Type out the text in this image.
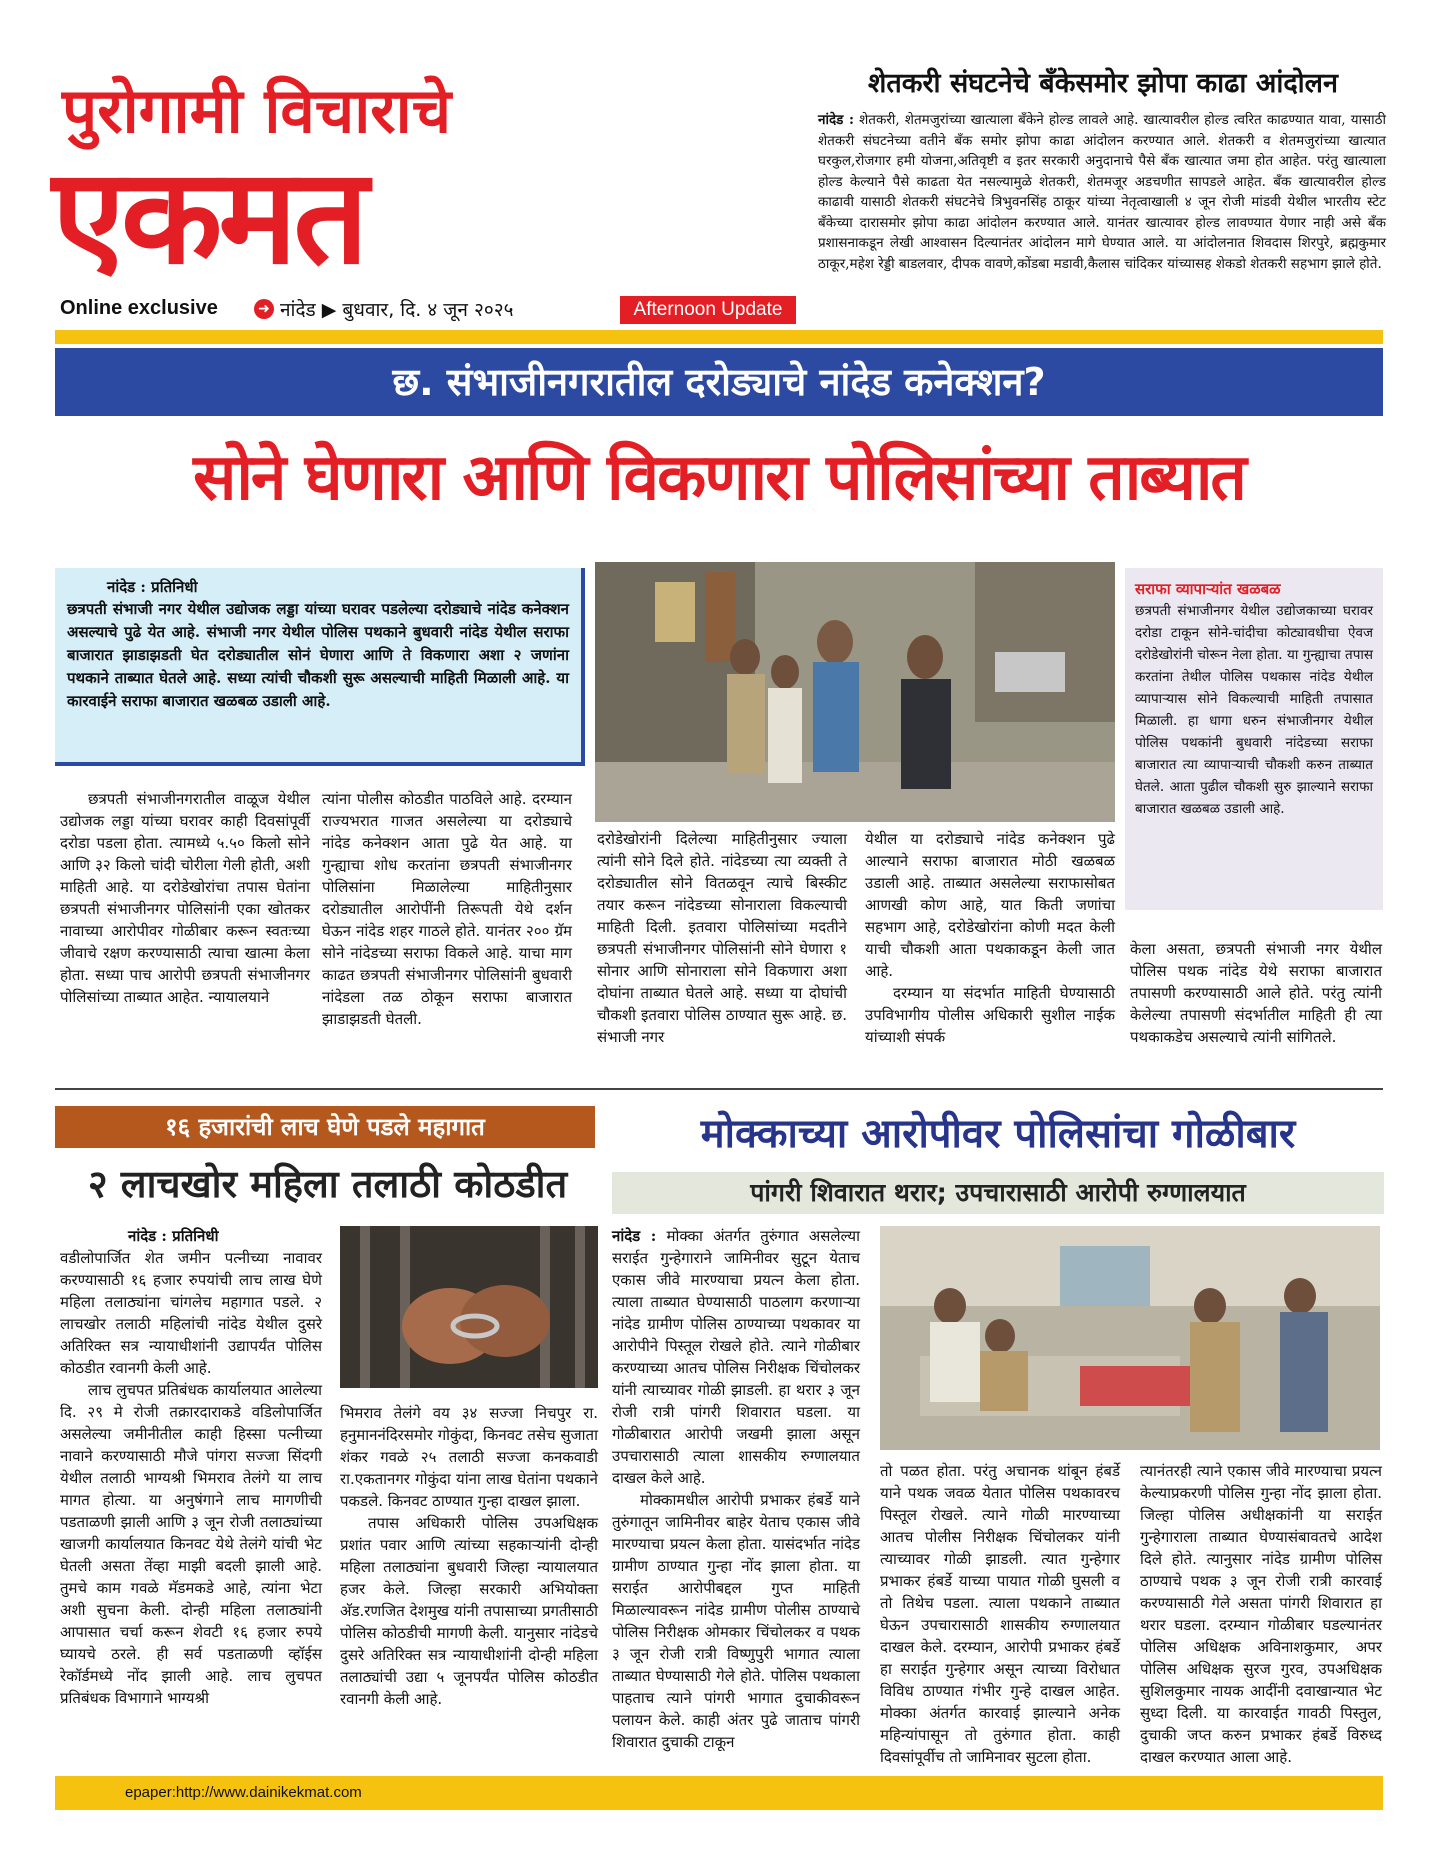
पुरोगामी विचाराचे
एकमत
Online exclusive	➜ नांदेड ▶ बुधवार, दि. ४ जून २०२५	Afternoon Update
शेतकरी संघटनेचे बँकेसमोर झोपा काढा आंदोलन

नांदेड : शेतकरी, शेतमजुरांच्या खात्याला बँकेने होल्ड लावले आहे. खात्यावरील होल्ड त्वरित काढण्यात यावा, यासाठी शेतकरी संघटनेच्या वतीने बँक समोर झोपा काढा आंदोलन करण्यात आले. शेतकरी व शेतमजुरांच्या खात्यात घरकुल,रोजगार हमी योजना,अतिवृष्टी व इतर सरकारी अनुदानाचे पैसे बँक खात्यात जमा होत आहेत. परंतु खात्याला होल्ड केल्याने पैसे काढता येत नसल्यामुळे शेतकरी, शेतमजूर अडचणीत सापडले आहेत. बँक खात्यावरील होल्ड काढावी यासाठी शेतकरी संघटनेचे त्रिभुवनसिंह ठाकूर यांच्या नेतृत्वाखाली ४ जून रोजी मांडवी येथील भारतीय स्टेट बँकेच्या दारासमोर झोपा काढा आंदोलन करण्यात आले. यानंतर खात्यावर होल्ड लावण्यात येणार नाही असे बँक प्रशासनाकडून लेखी आश्वासन दिल्यानंतर आंदोलन मागे घेण्यात आले. या आंदोलनात शिवदास शिरपुरे, ब्रह्मकुमार ठाकूर,महेश रेड्डी बाडलवार, दीपक वावणे,कोंडबा मडावी,कैलास चांदिकर यांच्यासह शेकडो शेतकरी सहभाग झाले होते.

छ. संभाजीनगरातील दरोड्याचे नांदेड कनेक्शन?
सोने घेणारा आणि विकणारा पोलिसांच्या ताब्यात
नांदेड : प्रतिनिधी
छत्रपती संभाजी नगर येथील उद्योजक लड्डा यांच्या घरावर पडलेल्या दरोड्याचे नांदेड कनेक्शन असल्याचे पुढे येत आहे. संभाजी नगर येथील पोलिस पथकाने बुधवारी नांदेड येथील सराफा बाजारात झाडाझडती घेत दरोड्यातील सोनं घेणारा आणि ते विकणारा अशा २ जणांना पथकाने ताब्यात घेतले आहे. सध्या त्यांची चौकशी सुरू असल्याची माहिती मिळाली आहे. या कारवाईने सराफा बाजारात खळबळ उडाली आहे.
सराफा व्यापाऱ्यांत खळबळ
छत्रपती संभाजीनगर येथील उद्योजकाच्या घरावर दरोडा टाकून सोने-चांदीचा कोट्यावधीचा ऐवज दरोडेखोरांनी चोरून नेला होता. या गुन्ह्याचा तपास करतांना तेथील पोलिस पथकास नांदेड येथील व्यापाऱ्यास सोने विकल्याची माहिती तपासात मिळाली. हा धागा धरुन संभाजीनगर येथील पोलिस पथकांनी बुधवारी नांदेडच्या सराफा बाजारात त्या व्यापाऱ्याची चौकशी करुन ताब्यात घेतले. आता पुढील चौकशी सुरु झाल्याने सराफा बाजारात खळबळ उडाली आहे.

छत्रपती संभाजीनगरातील वाळूज येथील उद्योजक लड्डा यांच्या घरावर काही दिवसांपूर्वी दरोडा पडला होता. त्यामध्ये ५.५० किलो सोने आणि ३२ किलो चांदी चोरीला गेली होती, अशी माहिती आहे. या दरोडेखोरांचा तपास घेतांना छत्रपती संभाजीनगर पोलिसांनी एका खोतकर नावाच्या आरोपीवर गोळीबार करून स्वतःच्या जीवाचे रक्षण करण्यासाठी त्याचा खात्मा केला होता. सध्या पाच आरोपी छत्रपती संभाजीनगर पोलिसांच्या ताब्यात आहेत. न्यायालयाने

त्यांना पोलीस कोठडीत पाठविले आहे. दरम्यान राज्यभरात गाजत असलेल्या या दरोड्याचे नांदेड कनेक्शन आता पुढे येत आहे. या गुन्ह्याचा शोध करतांना छत्रपती संभाजीनगर पोलिसांना मिळालेल्या माहितीनुसार दरोड्यातील आरोपींनी तिरूपती येथे दर्शन घेऊन नांदेड शहर गाठले होते. यानंतर २०० ग्रॅम सोने नांदेडच्या सराफा विकले आहे. याचा माग काढत छत्रपती संभाजीनगर पोलिसांनी बुधवारी नांदेडला तळ ठोकून सराफा बाजारात झाडाझडती घेतली.

दरोडेखोरांनी दिलेल्या माहितीनुसार ज्याला त्यांनी सोने दिले होते. नांदेडच्या त्या व्यक्ती ते दरोड्यातील सोने वितळवून त्याचे बिस्कीट तयार करून नांदेडच्या सोनाराला विकल्याची माहिती दिली. इतवारा पोलिसांच्या मदतीने छत्रपती संभाजीनगर पोलिसांनी सोने घेणारा १ सोनार आणि सोनाराला सोने विकणारा अशा दोघांना ताब्यात घेतले आहे. सध्या या दोघांची चौकशी इतवारा पोलिस ठाण्यात सुरू आहे. छ. संभाजी नगर

येथील या दरोड्याचे नांदेड कनेक्शन पुढे आल्याने सराफा बाजारात मोठी खळबळ उडाली आहे. ताब्यात असलेल्या सराफासोबत आणखी कोण आहे, यात किती जणांचा सहभाग आहे, दरोडेखोरांना कोणी मदत केली याची चौकशी आता पथकाकडून केली जात आहे.

दरम्यान या संदर्भात माहिती घेण्यासाठी उपविभागीय पोलीस अधिकारी सुशील नाईक यांच्याशी संपर्क

केला असता, छत्रपती संभाजी नगर येथील पोलिस पथक नांदेड येथे सराफा बाजारात तपासणी करण्यासाठी आले होते. परंतु त्यांनी केलेल्या तपासणी संदर्भातील माहिती ही त्या पथकाकडेच असल्याचे त्यांनी सांगितले.

१६ हजारांची लाच घेणे पडले महागात
२ लाचखोर महिला तलाठी कोठडीत
नांदेड : प्रतिनिधी

वडीलोपार्जित शेत जमीन पत्नीच्या नावावर करण्यासाठी १६ हजार रुपयांची लाच लाख घेणे महिला तलाठ्यांना चांगलेच महागात पडले. २ लाचखोर तलाठी महिलांची नांदेड येथील दुसरे अतिरिक्त सत्र न्यायाधीशांनी उद्यापर्यंत पोलिस कोठडीत रवानगी केली आहे.

लाच लुचपत प्रतिबंधक कार्यालयात आलेल्या दि. २९ मे रोजी तक्रारदाराकडे वडिलोपार्जित असलेल्या जमीनीतील काही हिस्सा पत्नीच्या नावाने करण्यासाठी मौजे पांगरा सज्जा सिंदगी येथील तलाठी भाग्यश्री भिमराव तेलंगे या लाच मागत होत्या. या अनुषंगाने लाच मागणीची पडताळणी झाली आणि ३ जून रोजी तलाठ्यांच्या खाजगी कार्यालयात किनवट येथे तेलंगे यांची भेट घेतली असता तेंव्हा माझी बदली झाली आहे. तुमचे काम गवळे मॅडमकडे आहे, त्यांना भेटा अशी सुचना केली. दोन्ही महिला तलाठ्यांनी आपासात चर्चा करून शेवटी १६ हजार रुपये घ्यायचे ठरले. ही सर्व पडताळणी व्हॉईस रेकॉर्डमध्ये नोंद झाली आहे. लाच लुचपत प्रतिबंधक विभागाने भाग्यश्री

भिमराव तेलंगे वय ३४ सज्जा निचपुर रा. हनुमाननंदिरसमोर गोकुंदा, किनवट तसेच सुजाता शंकर गवळे २५ तलाठी सज्जा कनकवाडी रा.एकतानगर गोकुंदा यांना लाख घेतांना पथकाने पकडले. किनवट ठाण्यात गुन्हा दाखल झाला.

तपास अधिकारी पोलिस उपअधिक्षक प्रशांत पवार आणि त्यांच्या सहकाऱ्यांनी दोन्ही महिला तलाठ्यांना बुधवारी जिल्हा न्यायालयात हजर केले. जिल्हा सरकारी अभियोक्ता अ‍ॅड.रणजित देशमुख यांनी तपासाच्या प्रगतीसाठी पोलिस कोठडीची मागणी केली. यानुसार नांदेडचे दुसरे अतिरिक्त सत्र न्यायाधीशांनी दोन्ही महिला तलाठ्यांची उद्या ५ जूनपर्यंत पोलिस कोठडीत रवानगी केली आहे.

मोक्काच्या आरोपीवर पोलिसांचा गोळीबार
पांगरी शिवारात थरार; उपचारासाठी आरोपी रुग्णालयात

नांदेड : मोक्का अंतर्गत तुरुंगात असलेल्या सराईत गुन्हेगाराने जामिनीवर सुटून येताच एकास जीवे मारण्याचा प्रयत्न केला होता. त्याला ताब्यात घेण्यासाठी पाठलाग करणाऱ्या नांदेड ग्रामीण पोलिस ठाण्याच्या पथकावर या आरोपीने पिस्तूल रोखले होते. त्याने गोळीबार करण्याच्या आतच पोलिस निरीक्षक चिंचोलकर यांनी त्याच्यावर गोळी झाडली. हा थरार ३ जून रोजी रात्री पांगरी शिवारात घडला. या गोळीबारात आरोपी जखमी झाला असून उपचारासाठी त्याला शासकीय रुग्णालयात दाखल केले आहे.

मोक्कामधील आरोपी प्रभाकर हंबर्डे याने तुरुंगातून जामिनीवर बाहेर येताच एकास जीवे मारण्याचा प्रयत्न केला होता. यासंदर्भात नांदेड ग्रामीण ठाण्यात गुन्हा नोंद झाला होता. या सराईत आरोपीबद्दल गुप्त माहिती मिळाल्यावरून नांदेड ग्रामीण पोलीस ठाण्याचे पोलिस निरीक्षक ओमकार चिंचोलकर व पथक ३ जून रोजी रात्री विष्णुपुरी भागात त्याला ताब्यात घेण्यासाठी गेले होते. पोलिस पथकाला पाहताच त्याने पांगरी भागात दुचाकीवरून पलायन केले. काही अंतर पुढे जाताच पांगरी शिवारात दुचाकी टाकून

तो पळत होता. परंतु अचानक थांबून हंबर्डे याने पथक जवळ येतात पोलिस पथकावरच पिस्तूल रोखले. त्याने गोळी मारण्याच्या आतच पोलीस निरीक्षक चिंचोलकर यांनी त्याच्यावर गोळी झाडली. त्यात गुन्हेगार प्रभाकर हंबर्डे याच्या पायात गोळी घुसली व तो तिथेच पडला. त्याला पथकाने ताब्यात घेऊन उपचारासाठी शासकीय रुग्णालयात दाखल केले. दरम्यान, आरोपी प्रभाकर हंबर्डे हा सराईत गुन्हेगार असून त्याच्या विरोधात विविध ठाण्यात गंभीर गुन्हे दाखल आहेत. मोक्का अंतर्गत कारवाई झाल्याने अनेक महिन्यांपासून तो तुरुंगात होता. काही दिवसांपूर्वीच तो जामिनावर सुटला होता.

त्यानंतरही त्याने एकास जीवे मारण्याचा प्रयत्न केल्याप्रकरणी पोलिस गुन्हा नोंद झाला होता. जिल्हा पोलिस अधीक्षकांनी या सराईत गुन्हेगाराला ताब्यात घेण्यासंबावतचे आदेश दिले होते. त्यानुसार नांदेड ग्रामीण पोलिस ठाण्याचे पथक ३ जून रोजी रात्री कारवाई करण्यासाठी गेले असता पांगरी शिवारात हा थरार घडला. दरम्यान गोळीबार घडल्यानंतर पोलिस अधिक्षक अविनाशकुमार, अपर पोलिस अधिक्षक सुरज गुरव, उपअधिक्षक सुशिलकुमार नायक आदींनी दवाखान्यात भेट सुध्दा दिली. या कारवाईत गावठी पिस्तुल, दुचाकी जप्त करुन प्रभाकर हंबर्डे विरुध्द दाखल करण्यात आला आहे.

epaper:http://www.dainikekmat.com
